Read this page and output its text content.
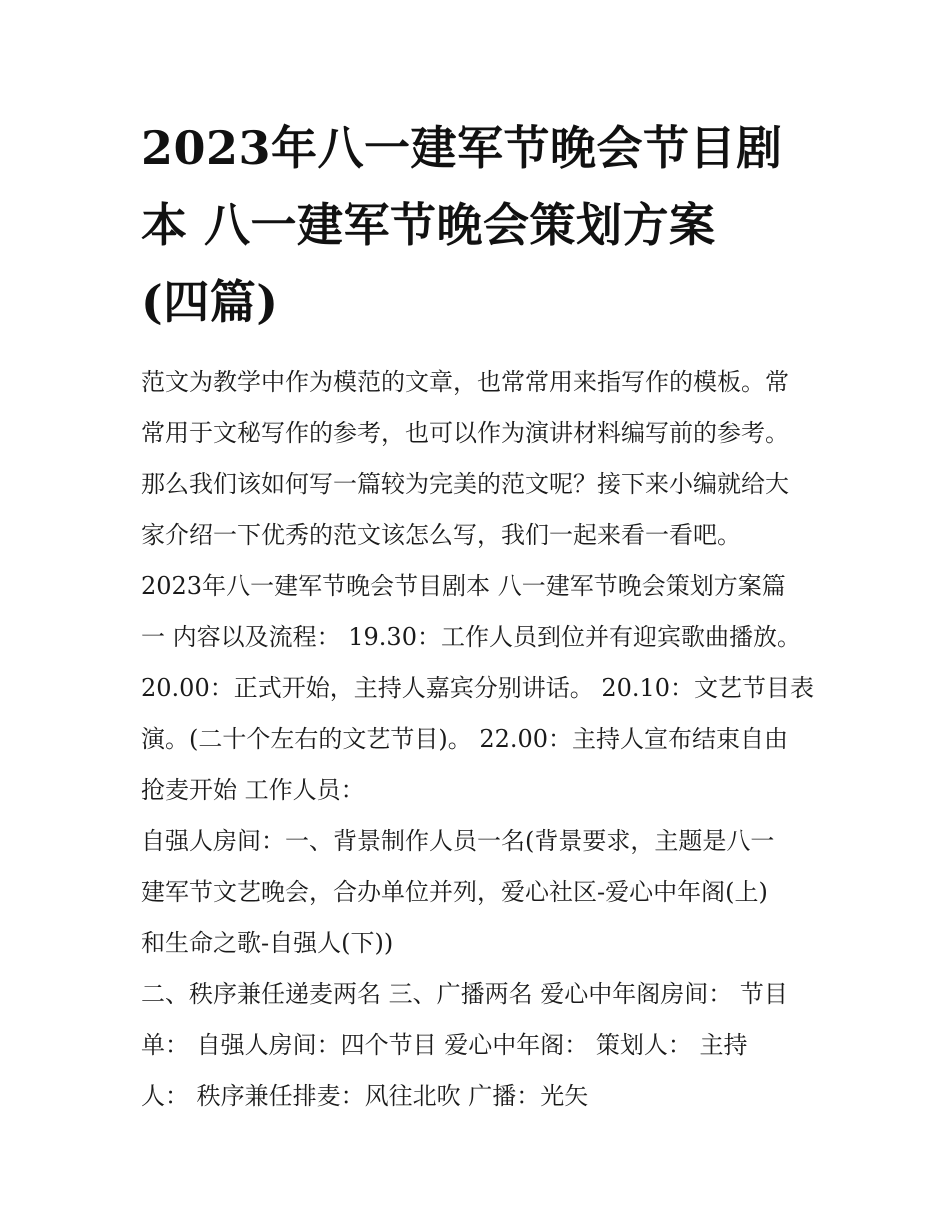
2023年八一建军节晚会节目剧
本 八一建军节晚会策划方案
(四篇)
范文为教学中作为模范的文章，也常常用来指写作的模板。常
常用于文秘写作的参考，也可以作为演讲材料编写前的参考。
那么我们该如何写一篇较为完美的范文呢？接下来小编就给大
家介绍一下优秀的范文该怎么写，我们一起来看一看吧。
2023年八一建军节晚会节目剧本 八一建军节晚会策划方案篇
一 内容以及流程： 19.30：工作人员到位并有迎宾歌曲播放。
20.00：正式开始，主持人嘉宾分别讲话。 20.10：文艺节目表
演。(二十个左右的文艺节目)。 22.00：主持人宣布结束自由
抢麦开始 工作人员：
自强人房间：一、背景制作人员一名(背景要求，主题是八一
建军节文艺晚会，合办单位并列，爱心社区-爱心中年阁(上)
和生命之歌-自强人(下))
二、秩序兼任递麦两名 三、广播两名 爱心中年阁房间： 节目
单： 自强人房间：四个节目 爱心中年阁： 策划人： 主持
人： 秩序兼任排麦：风往北吹 广播：光矢
